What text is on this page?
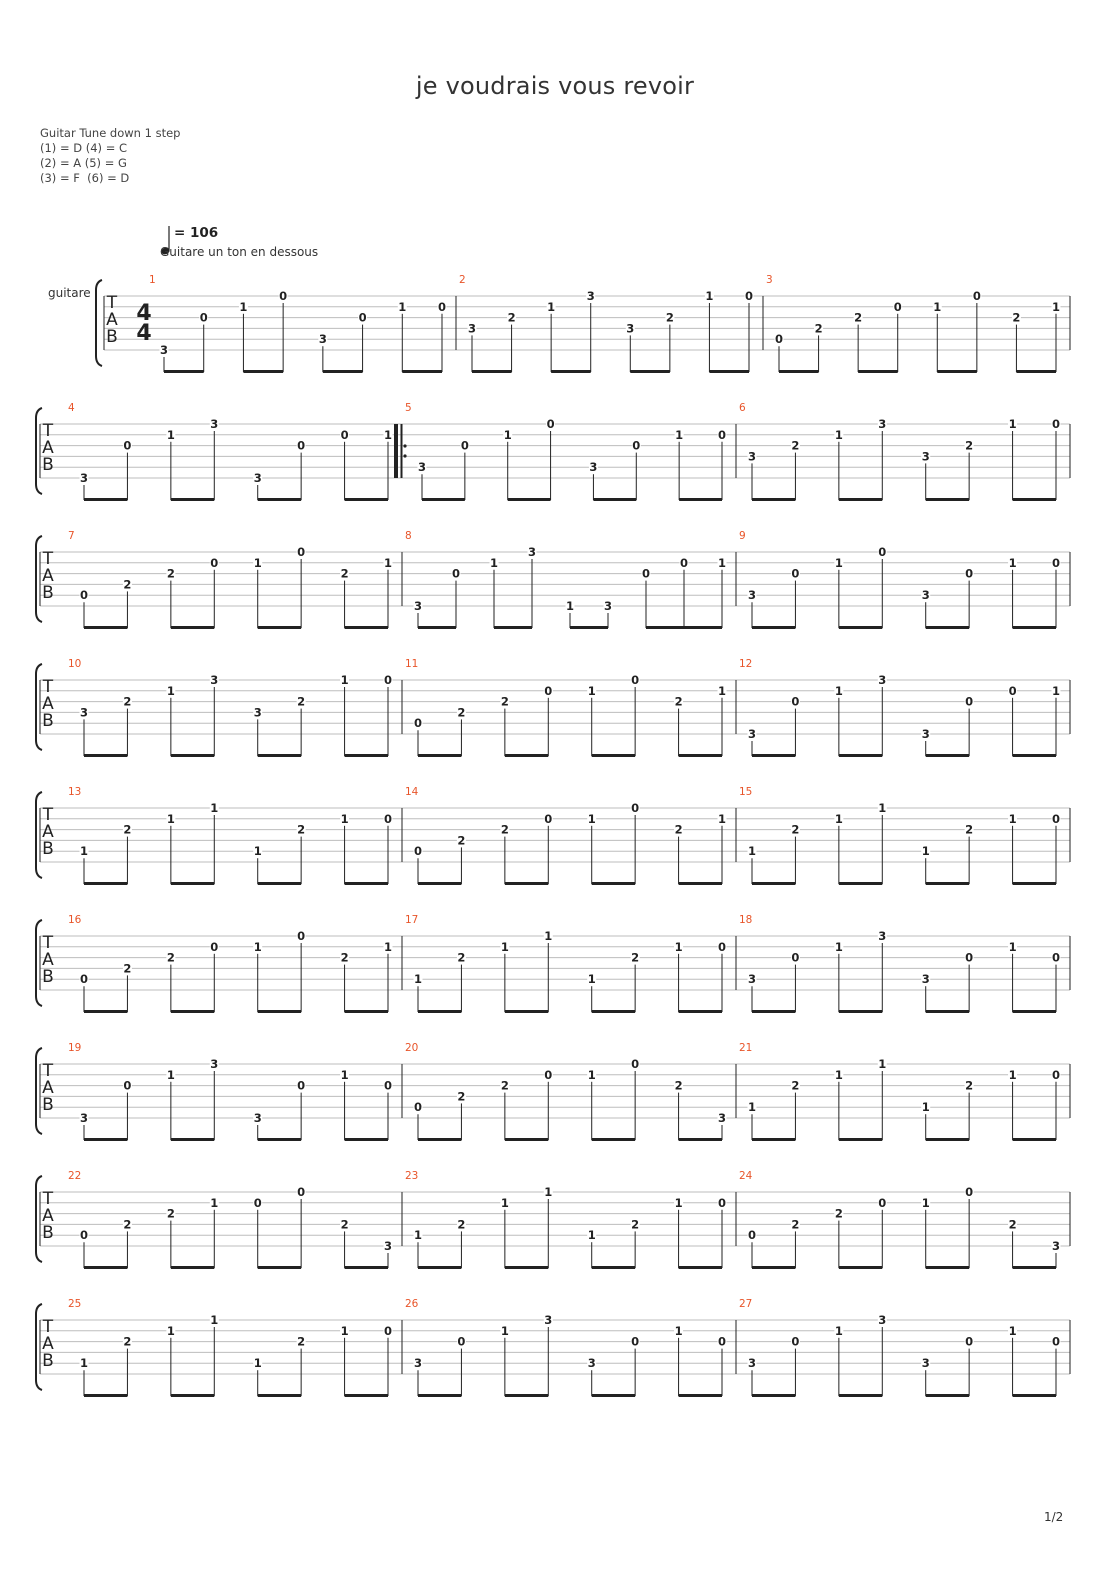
je voudrais vous revoir
Guitar Tune down 1 step
(1) = D (4) = C
(2) = A (5) = G
(3) = F  (6) = D
= 106
Guitare un ton en dessous
guitare T
A
B
4
4
1
3
0
1
0
3
0
1	0
2
3
2
1
3
3
2
1	0
3
0
2
2
0	1
0
2
1
T
A
B
4
3
0
1
3
3
0
0	1
5
3
0
1
0
3
0
1	0
6
3
2
1
3
3
2
1	0
T
A
B
7
0
2
2
0	1
0
2
1
8
3
0
1
3
1	3
0
0	1
9
3
0
1
0
3
0
1	0
T
A
B
10
3
2
1
3
3
2
1	0
11
0
2
2
0	1
0
2
1
12
3
0
1
3
3
0
0	1
T
A
B
13
1
2
1
1
1
2
1	0
14
0
2
2
0	1
0
2
1
15
1
2
1
1
1
2
1	0
T
A
B
16
0
2
2
0	1
0
2
1
17
1
2
1
1
1
2
1	0
18
3
0
1
3
3
0
1
0
T
A
B
19
3
0
1
3
3
0
1
0
20
0
2
2
0	1
0
2
3
21
1
2
1
1
1
2
1	0
T
A
B
22
0
2
2
1	0
0
2
3
23
1
2
1
1
1
2
1	0
24
0
2
2
0	1
0
2
3
T
A
B
25
1
2
1
1
1
2
1	0
26
3
0
1
3
3
0
1
0
27
3
0
1
3
3
0
1
0
1/2
